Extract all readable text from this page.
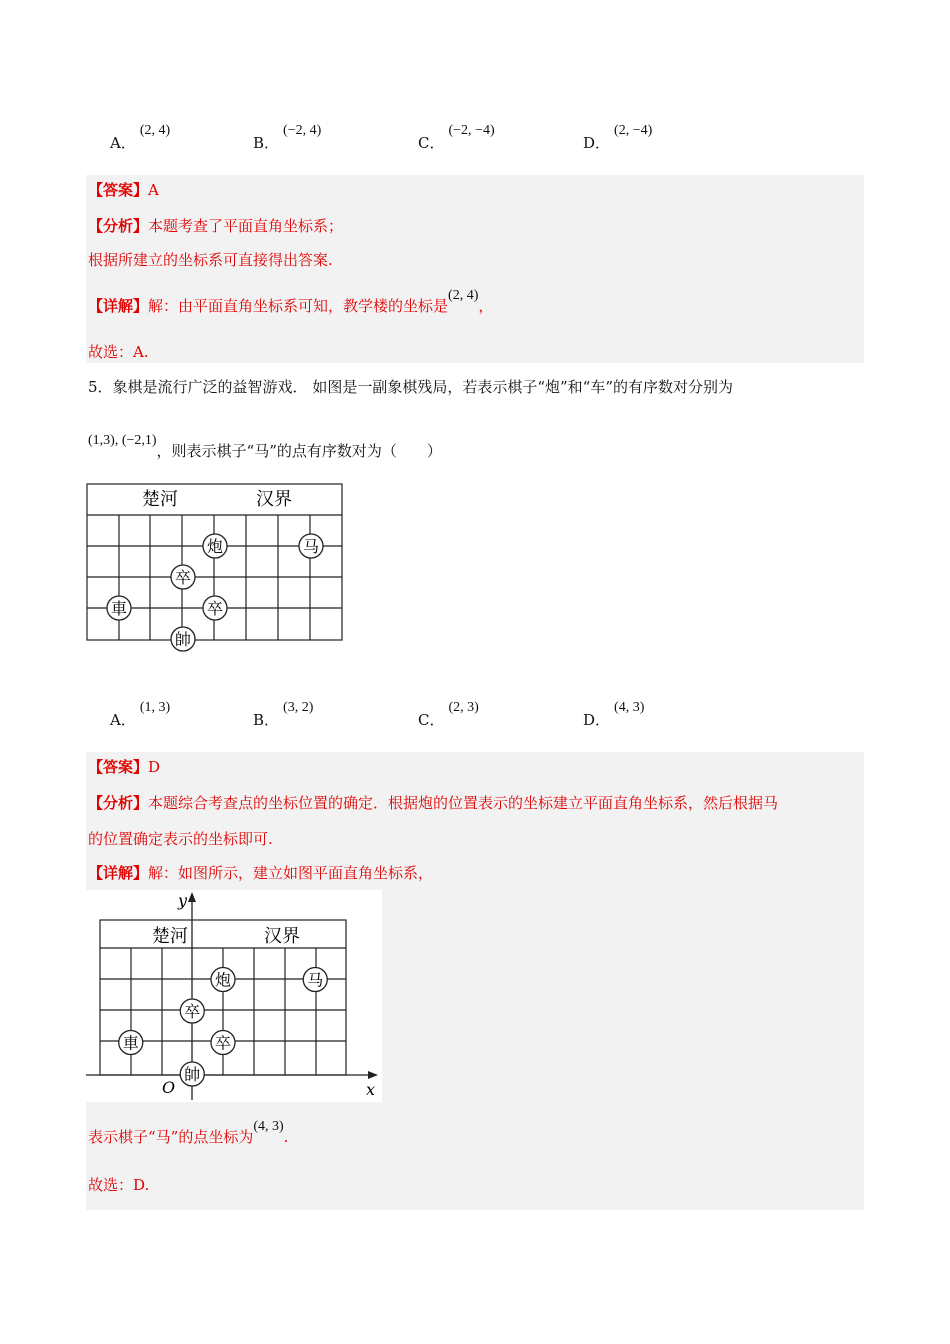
A．(2, 4)
B．(−2, 4)
C．(−2, −4)
D．(2, −4)
【答案】A
【分析】本题考查了平面直角坐标系；
根据所建立的坐标系可直接得出答案.
【详解】解：由平面直角坐标系可知，教学楼的坐标是(2, 4)，
故选：A.
5．象棋是流行广泛的益智游戏． 如图是一副象棋残局，若表示棋子“炮”和“车”的有序数对分别为
(1,3), (−2,1)，则表示棋子“马”的点有序数对为（　　）
楚河	汉界
炮	马
卒
車	卒
帥
A．(1, 3)
B．(3, 2)
C．(2, 3)
D．(4, 3)
【答案】D
【分析】本题综合考查点的坐标位置的确定．根据炮的位置表示的坐标建立平面直角坐标系，然后根据马
的位置确定表示的坐标即可.
【详解】解：如图所示，建立如图平面直角坐标系，
y
x
O
楚河	汉界
炮	马
卒
車	卒
帥
表示棋子“马”的点坐标为(4, 3).
故选：D.
